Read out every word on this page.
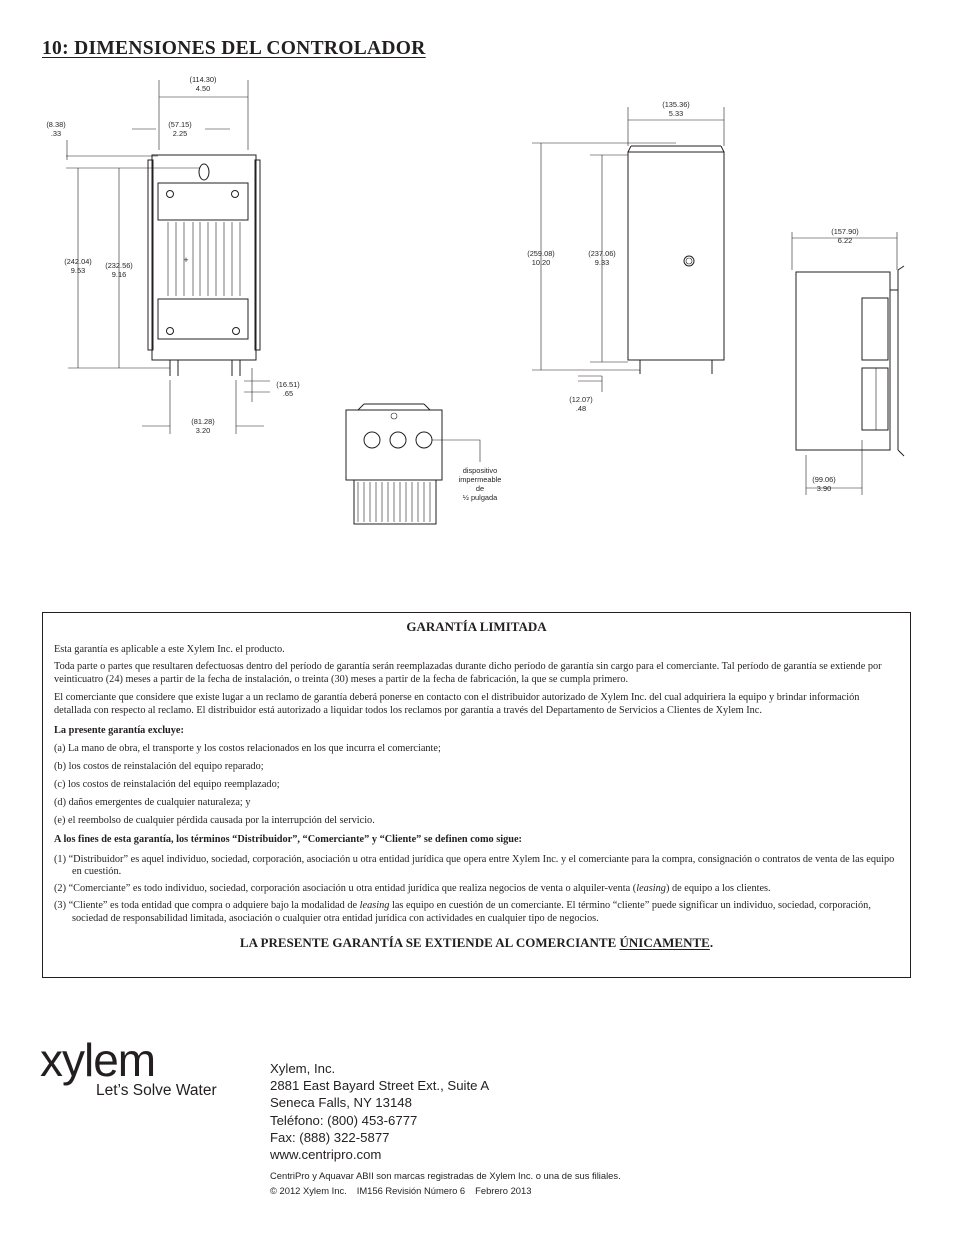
10: DIMENSIONES DEL CONTROLADOR
(114.30)
4.50
(8.38)
.33
(57.15)
2.25
(242.04)
9.53
(232.56)
9.16
+
(16.51)
.65
(81.28)
3.20
(135.36)
5.33
(259.08)
10.20
(237.06)
9.33
(12.07)
.48
(157.90)
6.22
(99.06)
3.90
dispositivo
impermeable
de
½ pulgada
GARANTÍA LIMITADA

Esta garantía es aplicable a este Xylem Inc. el producto.

Toda parte o partes que resultaren defectuosas dentro del período de garantía serán reemplazadas durante dicho período de garantía sin cargo para el comerciante. Tal período de garantía se extiende por veinticuatro (24) meses a partir de la fecha de instalación, o treinta (30) meses a partir de la fecha de fabricación, la que se cumpla primero.

El comerciante que considere que existe lugar a un reclamo de garantía deberá ponerse en contacto con el distribuidor autorizado de Xylem Inc. del cual adquiriera la equipo y brindar información detallada con respecto al reclamo. El distribuidor está autorizado a liquidar todos los reclamos por garantía a través del Departamento de Servicios a Clientes de Xylem Inc.

La presente garantía excluye:
(a) La mano de obra, el transporte y los costos relacionados en los que incurra el comerciante;
(b) los costos de reinstalación del equipo reparado;
(c) los costos de reinstalación del equipo reemplazado;
(d) daños emergentes de cualquier naturaleza; y
(e) el reembolso de cualquier pérdida causada por la interrupción del servicio.
A los fines de esta garantía, los términos “Distribuidor”, “Comerciante” y “Cliente” se definen como sigue:
(1) “Distribuidor” es aquel individuo, sociedad, corporación, asociación u otra entidad jurídica que opera entre Xylem Inc. y el comerciante para la compra, consignación o contratos de venta de las equipo en cuestión.
(2) “Comerciante” es todo individuo, sociedad, corporación asociación u otra entidad jurídica que realiza negocios de venta o alquiler-venta (leasing) de equipo a los clientes.
(3) “Cliente” es toda entidad que compra o adquiere bajo la modalidad de leasing las equipo en cuestión de un comerciante. El término “cliente” puede significar un individuo, sociedad, corporación, sociedad de responsabilidad limitada, asociación o cualquier otra entidad jurídica con actividades en cualquier tipo de negocios.
LA PRESENTE GARANTÍA SE EXTIENDE AL COMERCIANTE ÚNICAMENTE.
xylem
Let’s Solve Water
Xylem, Inc.
2881 East Bayard Street Ext., Suite A
Seneca Falls, NY 13148
Teléfono: (800) 453-6777
Fax: (888) 322-5877
www.centripro.com
CentriPro y Aquavar ABII son marcas registradas de Xylem Inc. o una de sus filiales.
© 2012 Xylem Inc. IM156 Revisión Número 6 Febrero 2013
